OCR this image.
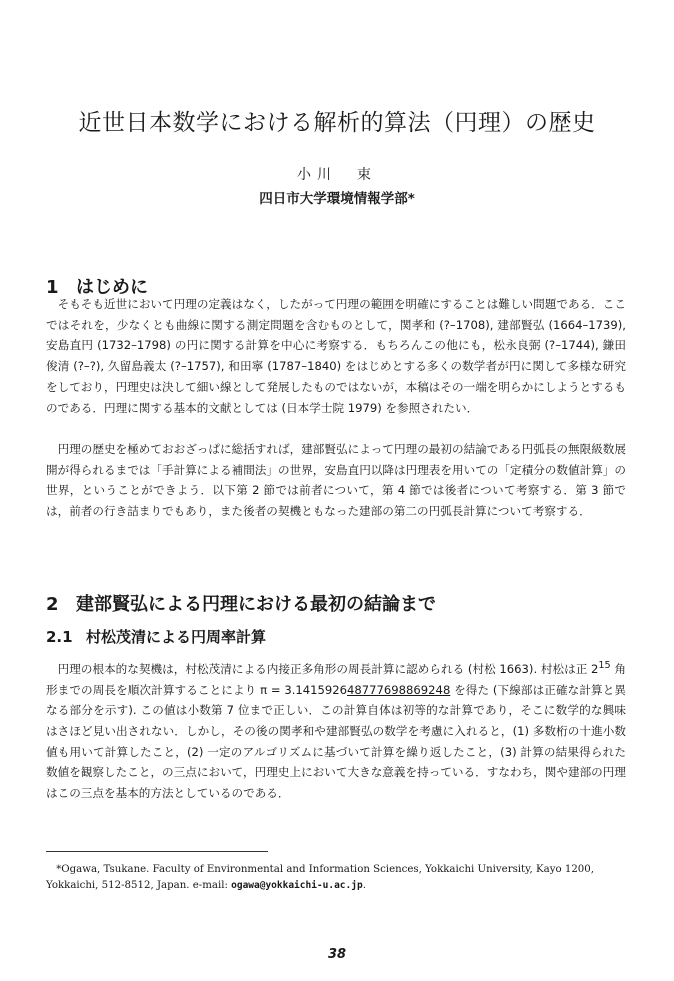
近世日本数学における解析的算法（円理）の歴史
小川　束
四日市大学環境情報学部*
1 はじめに
そもそも近世において円理の定義はなく，したがって円理の範囲を明確にすることは難しい問題である．ここではそれを，少なくとも曲線に関する測定問題を含むものとして，関孝和 (?–1708), 建部賢弘 (1664–1739), 安島直円 (1732–1798) の円に関する計算を中心に考察する．もちろんこの他にも，松永良弼 (?–1744), 鎌田俊清 (?–?), 久留島義太 (?–1757), 和田寧 (1787–1840) をはじめとする多くの数学者が円に関して多様な研究をしており，円理史は決して細い線として発展したものではないが，本稿はその一端を明らかにしようとするものである．円理に関する基本的文献としては (日本学士院 1979) を参照されたい．
円理の歴史を極めておおざっぱに総括すれば，建部賢弘によって円理の最初の結論である円弧長の無限級数展開が得られるまでは「手計算による補間法」の世界，安島直円以降は円理表を用いての「定積分の数値計算」の世界，ということができよう．以下第 2 節では前者について，第 4 節では後者について考察する．第 3 節では，前者の行き詰まりでもあり，また後者の契機ともなった建部の第二の円弧長計算について考察する．
2 建部賢弘による円理における最初の結論まで
2.1 村松茂清による円周率計算
円理の根本的な契機は，村松茂清による内接正多角形の周長計算に認められる (村松 1663). 村松は正 $2^{15}$ 角形までの周長を順次計算することにより π = 3.141592648777698869248 を得た (下線部は正確な計算と異なる部分を示す). この値は小数第 7 位まで正しい．この計算自体は初等的な計算であり，そこに数学的な興味はさほど見い出されない．しかし，その後の関孝和や建部賢弘の数学を考慮に入れると，(1) 多数桁の十進小数値も用いて計算したこと，(2) 一定のアルゴリズムに基づいて計算を繰り返したこと，(3) 計算の結果得られた数値を観察したこと，の三点において，円理史上において大きな意義を持っている．すなわち，関や建部の円理はこの三点を基本的方法としているのである．
*Ogawa, Tsukane. Faculty of Environmental and Information Sciences, Yokkaichi University, Kayo 1200, Yokkaichi, 512-8512, Japan. e-mail: ogawa@yokkaichi-u.ac.jp.
38
